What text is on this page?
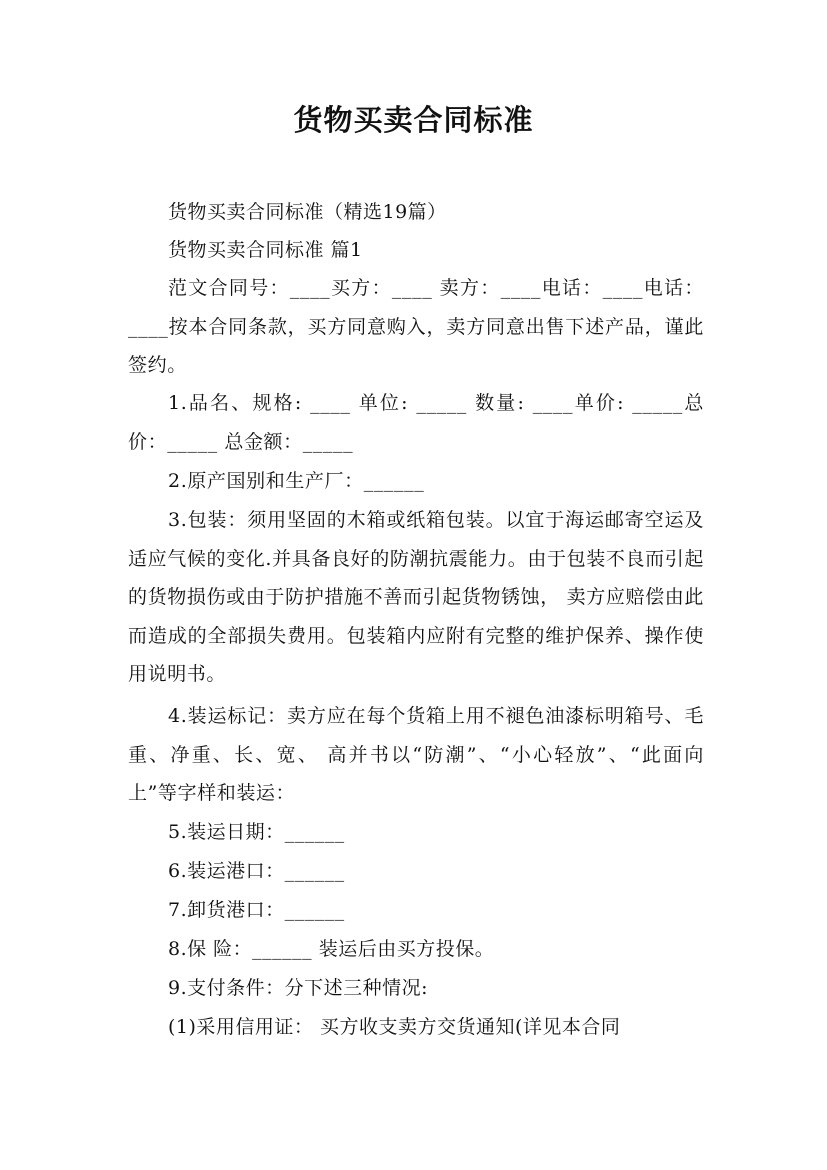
货物买卖合同标准
货物买卖合同标准（精选19篇）
货物买卖合同标准 篇1
范文合同号：____买方：____ 卖方：____电话：____电话：____按本合同条款，买方同意购入，卖方同意出售下述产品，谨此签约。
1.品名、规格: ____ 单位: _____ 数量: ____单价: _____总价：_____ 总金额：_____
2.原产国别和生产厂：______
3.包装：须用坚固的木箱或纸箱包装。以宜于海运邮寄空运及适应气候的变化.并具备良好的防潮抗震能力。由于包装不良而引起的货物损伤或由于防护措施不善而引起货物锈蚀， 卖方应赔偿由此而造成的全部损失费用。包装箱内应附有完整的维护保养、操作使用说明书。
4.装运标记：卖方应在每个货箱上用不褪色油漆标明箱号、毛重、净重、长、宽、 高并书以“防潮”、“小心轻放”、“此面向上”等字样和装运：
5.装运日期：______
6.装运港口：______
7.卸货港口：______
8.保 险：______ 装运后由买方投保。
9.支付条件：分下述三种情况:
(1)采用信用证： 买方收支卖方交货通知(详见本合同
